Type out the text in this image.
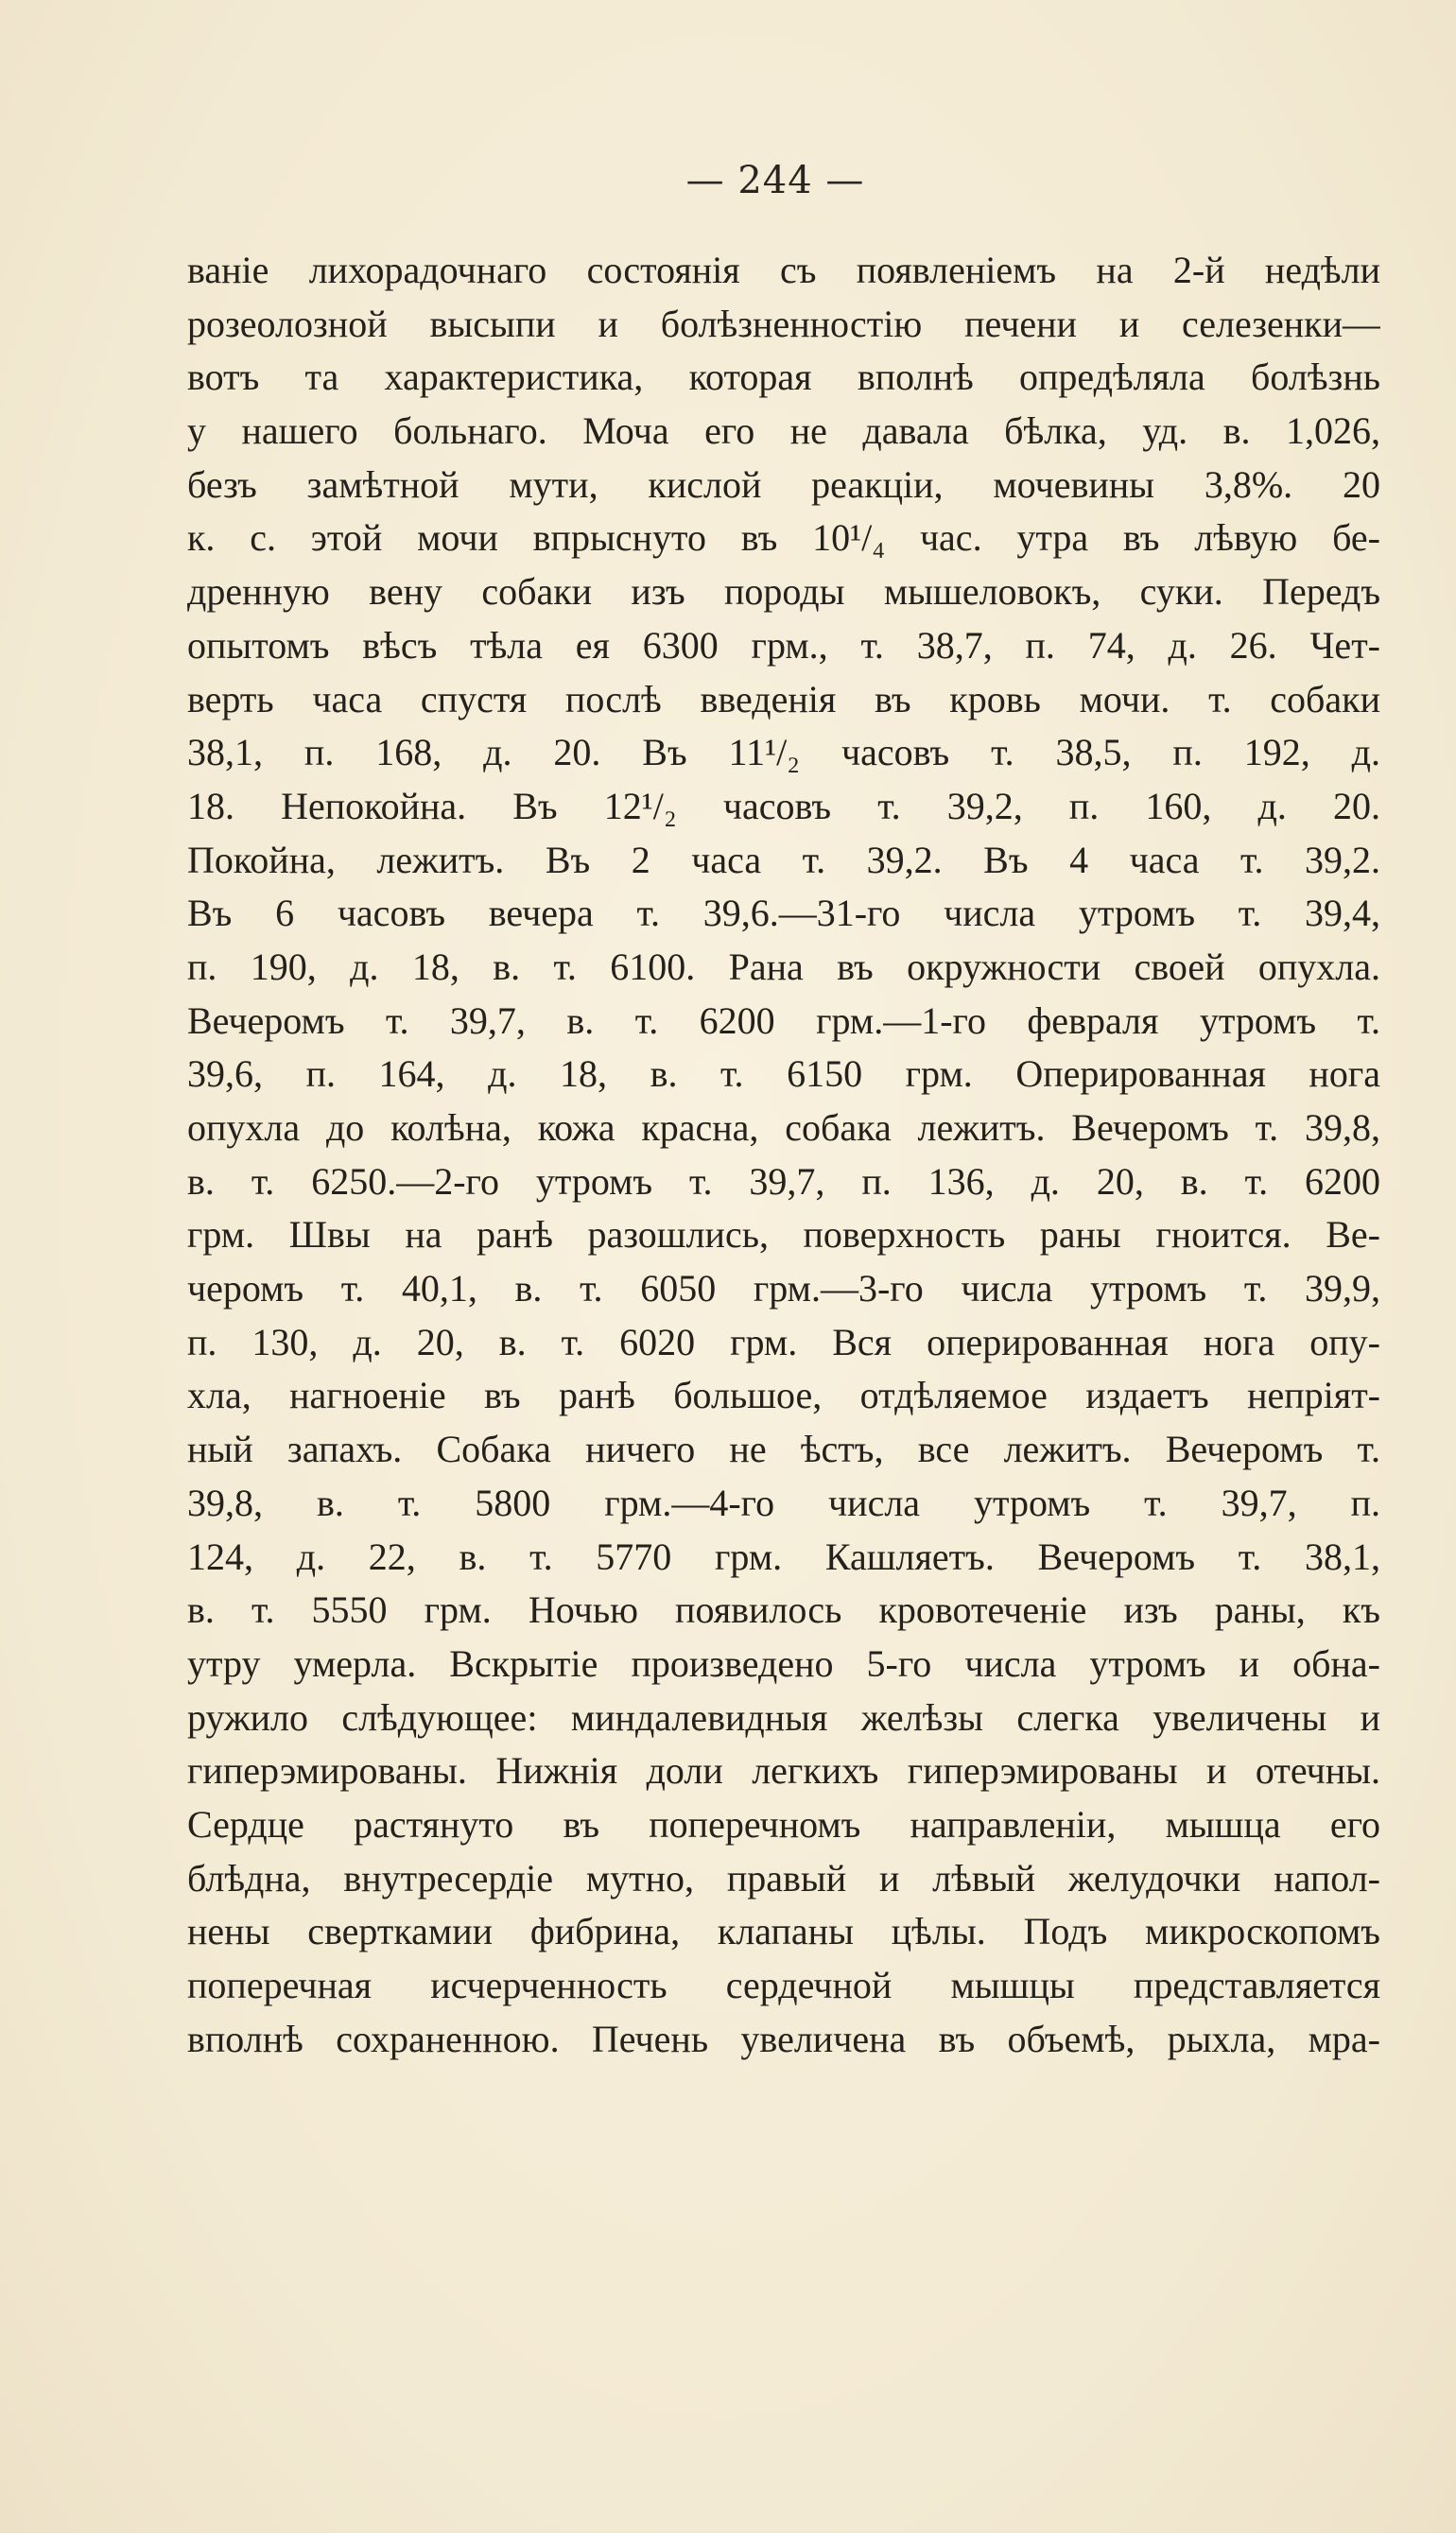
— 244 —
ванiе лихорадочнаго состоянiя съ появленiемъ на 2-й недѣли
розеолозной высыпи и болѣзненностiю печени и селезенки—
вотъ та характеристика, которая вполнѣ опредѣляла болѣзнь
у нашего больнаго. Моча его не давала бѣлка, уд. в. 1,026,
безъ замѣтной мути, кислой реакцiи, мочевины 3,8%. 20
к. с. этой мочи впрыснуто въ 10¹/₄ час. утра въ лѣвую бе-
дренную вену собаки изъ породы мышеловокъ, суки. Передъ
опытомъ вѣсъ тѣла ея 6300 грм., т. 38,7, п. 74, д. 26. Чет-
верть часа спустя послѣ введенiя въ кровь мочи. т. собаки
38,1, п. 168, д. 20. Въ 11¹/₂ часовъ т. 38,5, п. 192, д.
18. Непокойна. Въ 12¹/₂ часовъ т. 39,2, п. 160, д. 20.
Покойна, лежитъ. Въ 2 часа т. 39,2. Въ 4 часа т. 39,2.
Въ 6 часовъ вечера т. 39,6.—31-го числа утромъ т. 39,4,
п. 190, д. 18, в. т. 6100. Рана въ окружности своей опухла.
Вечеромъ т. 39,7, в. т. 6200 грм.—1-го февраля утромъ т.
39,6, п. 164, д. 18, в. т. 6150 грм. Оперированная нога
опухла до колѣна, кожа красна, собака лежитъ. Вечеромъ т. 39,8,
в. т. 6250.—2-го утромъ т. 39,7, п. 136, д. 20, в. т. 6200
грм. Швы на ранѣ разошлись, поверхность раны гноится. Ве-
черомъ т. 40,1, в. т. 6050 грм.—3-го числа утромъ т. 39,9,
п. 130, д. 20, в. т. 6020 грм. Вся оперированная нога опу-
хла, нагноенiе въ ранѣ большое, отдѣляемое издаетъ непрiят-
ный запахъ. Собака ничего не ѣстъ, все лежитъ. Вечеромъ т.
39,8, в. т. 5800 грм.—4-го числа утромъ т. 39,7, п.
124, д. 22, в. т. 5770 грм. Кашляетъ. Вечеромъ т. 38,1,
в. т. 5550 грм. Ночью появилось кровотеченiе изъ раны, къ
утру умерла. Вскрытiе произведено 5-го числа утромъ и обна-
ружило слѣдующее: миндалевидныя желѣзы слегка увеличены и
гиперэмированы. Нижнiя доли легкихъ гиперэмированы и отечны.
Сердце растянуто въ поперечномъ направленiи, мышца его
блѣдна, внутресердiе мутно, правый и лѣвый желудочки напол-
нены сверткамии фибрина, клапаны цѣлы. Подъ микроскопомъ
поперечная исчерченность сердечной мышцы представляется
вполнѣ сохраненною. Печень увеличена въ объемѣ, рыхла, мра-
